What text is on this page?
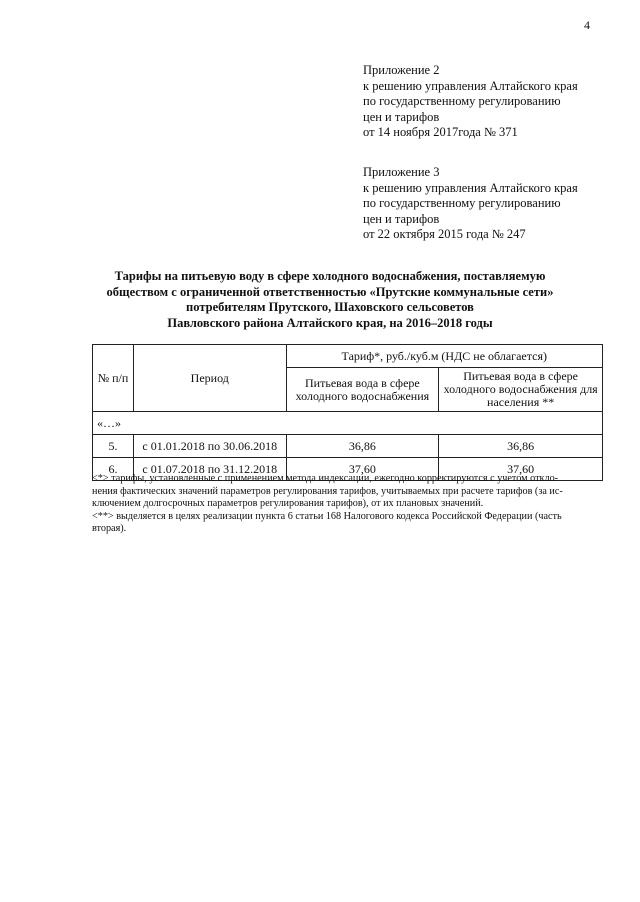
4
Приложение 2
к решению управления Алтайского края
по государственному регулированию
цен и тарифов
от 14 ноября 2017года № 371
Приложение 3
к решению управления Алтайского края
по государственному регулированию
цен и тарифов
от 22 октября 2015 года № 247
Тарифы на питьевую воду в сфере холодного водоснабжения, поставляемую
обществом с ограниченной ответственностью «Прутские коммунальные сети»
потребителям Прутского, Шаховского сельсоветов
Павловского района Алтайского края, на 2016–2018 годы
№ п/п	Период	Тариф*, руб./куб.м (НДС не облагается)	
		Питьевая вода в сфере холодного водоснабжения	Питьевая вода в сфере холодного водоснабжения для населения **
«…»			
5.	с 01.01.2018 по 30.06.2018	36,86	36,86
6.	с 01.07.2018 по 31.12.2018	37,60	37,60
<*> тарифы, установленные с применением метода индексации, ежегодно корректируются с учетом откло-
нения фактических значений параметров регулирования тарифов, учитываемых при расчете тарифов (за ис-
ключением долгосрочных параметров регулирования тарифов), от их плановых значений.
<**> выделяется в целях реализации пункта 6 статьи 168 Налогового кодекса Российской Федерации (часть
вторая).
